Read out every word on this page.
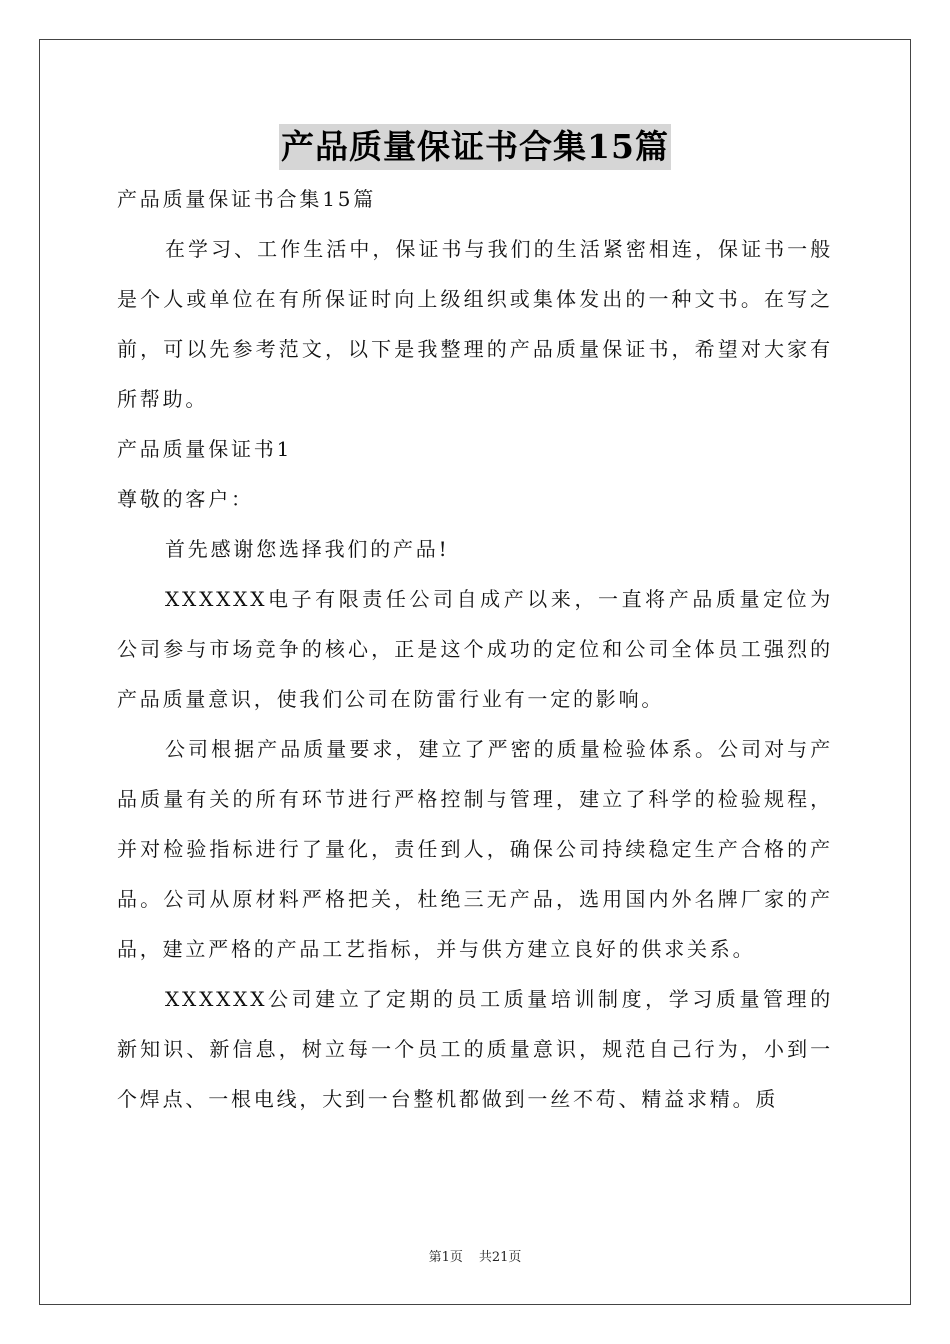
产品质量保证书合集15篇

产品质量保证书合集15篇

在学习、工作生活中，保证书与我们的生活紧密相连，保证书一般是个人或单位在有所保证时向上级组织或集体发出的一种文书。在写之前，可以先参考范文，以下是我整理的产品质量保证书，希望对大家有所帮助。

产品质量保证书1

尊敬的客户：

首先感谢您选择我们的产品!

XXXXXX电子有限责任公司自成产以来，一直将产品质量定位为公司参与市场竞争的核心，正是这个成功的定位和公司全体员工强烈的产品质量意识，使我们公司在防雷行业有一定的影响。

公司根据产品质量要求，建立了严密的质量检验体系。公司对与产品质量有关的所有环节进行严格控制与管理，建立了科学的检验规程，并对检验指标进行了量化，责任到人，确保公司持续稳定生产合格的产品。公司从原材料严格把关，杜绝三无产品，选用国内外名牌厂家的产品，建立严格的产品工艺指标，并与供方建立良好的供求关系。

XXXXXX公司建立了定期的员工质量培训制度，学习质量管理的新知识、新信息，树立每一个员工的质量意识，规范自己行为，小到一个焊点、一根电线，大到一台整机都做到一丝不苟、精益求精。质

第1页 共21页
